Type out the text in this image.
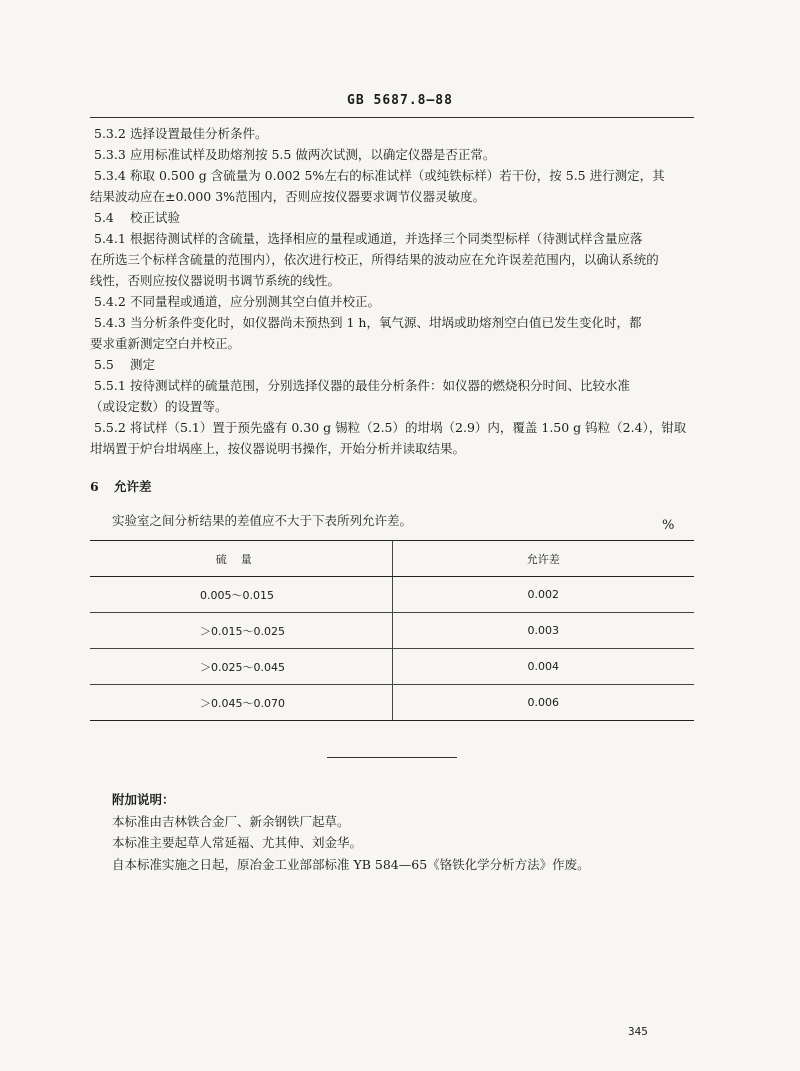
GB 5687.8—88

5.3.2 选择设置最佳分析条件。

5.3.3 应用标准试样及助熔剂按 5.5 做两次试测，以确定仪器是否正常。

5.3.4 称取 0.500 g 含硫量为 0.002 5%左右的标准试样（或纯铁标样）若干份，按 5.5 进行测定，其

结果波动应在±0.000 3%范围内，否则应按仪器要求调节仪器灵敏度。

5.4 校正试验

5.4.1 根据待测试样的含硫量，选择相应的量程或通道，并选择三个同类型标样（待测试样含量应落

在所选三个标样含硫量的范围内），依次进行校正，所得结果的波动应在允许误差范围内，以确认系统的

线性，否则应按仪器说明书调节系统的线性。

5.4.2 不同量程或通道，应分别测其空白值并校正。

5.4.3 当分析条件变化时，如仪器尚未预热到 1 h，氧气源、坩埚或助熔剂空白值已发生变化时，都

要求重新测定空白并校正。

5.5 测定

5.5.1 按待测试样的硫量范围，分别选择仪器的最佳分析条件：如仪器的燃烧积分时间、比较水准

（或设定数）的设置等。

5.5.2 将试样（5.1）置于预先盛有 0.30 g 锡粒（2.5）的坩埚（2.9）内，覆盖 1.50 g 钨粒（2.4），钳取

坩埚置于炉台坩埚座上，按仪器说明书操作，开始分析并读取结果。

6 允许差

实验室之间分析结果的差值应不大于下表所列允许差。	%
硫量	允许差
0.005～0.015	0.002
＞0.015～0.025	0.003
＞0.025～0.045	0.004
＞0.045～0.070	0.006

附加说明：

本标准由吉林铁合金厂、新余钢铁厂起草。

本标准主要起草人常延福、尤其伸、刘金华。

自本标准实施之日起，原冶金工业部部标准 YB 584—65《铬铁化学分析方法》作废。

345
